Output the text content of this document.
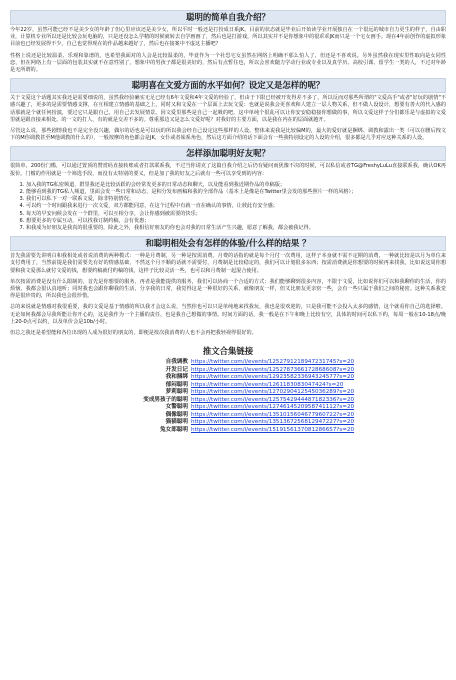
聪明的简单自我介绍？

今年22岁，虽然可能已经不是美少女的年龄了但心里应该还是美少女，所以平时一般还是打扮成日系JK。目前的状态就是毕业后开始读学业开展独自在一个很远的城市自力更生的样子，自由职业，计算机专业所以还是比较会玩电脑的，只是还没怎么学精的时候就转去自学画画了，然后也是打游戏，所以其实并不是你想象中的很乖乖JK而只是一个宅女画手。现在4年前创作的虚拟形象目前也已经发展得不少，自己也觉得现在的作品越来越好了，然后也在接案中不虚这主播吧？

性格上说还是比较温柔、乐观和靠谱的，也希望我面对的人会是比较温柔的，毕竟作为一个社恐宅女虽然在网络上明确不那么怕人了，但还是不喜欢说。另外虽然我在现实里性取向是女同性恋，但在网络上有一层面的包装其实就不在意性别了，想象中的男孩子都是很美好的，然后有点暂住也，所以会喜欢随力学动行业或专业以及真学历、高校引课、留学生一类的人，不过对年龄是无所谓的。

聪明喜在文爱方面的水平如何？设定又是怎样的呢？

关于文爱这个话题其实我还是需要细说的，虽然我经验确实无足已经有6年文爱和4年文爱的经验了，但由于下限已经被开发得差不多了，所以反而对那些所谓的"文爱高手"或者"好玩的剧情"不感兴趣了，更多的是需要情感支撑，在互相建立情感的基础之上，同时又和文爱在一个层面上去玩文爱：也就是说我会更喜欢和人建立一层人物关系，但不做人设设计，想要有善大的代入感的话那就是个就任何扮演，要过它只是跟自己，用自己去发展情景。因文爱里那些是自己一起吸的吧。这中单纯个很乱可以让你安安稳稳接你想做的事，所以文爱这样子分们都乐是与虚拟的文爱里就是跟直接来相处。的一文的打人，有的就是交差不多的。尊重那边又是怎么文爱好呢？对我好的主要方面，以是我在内在的层面就越开。

尽管这么说，那些剧情我也不是完全没兴趣，偶尔的话也是可以玩的所以我会经自己设定这些那样的人设。整体来说我是比较偏M的，最大的爱好就是捆绑、调教和露出一类（可以在腰后拽文下的M你调教甚至M他调教的什么的），一般按摩的角色都会是JK，女仆或者妹系角色，然后这方面介绍的话下面会有一些我特别设定的人设的介绍，很多都是几乎对应这种关系的人设。

怎样添加聪明好友呢？

很简单，200份门槛，可以通过置顶的赞赏码直接转账或者打款联系我，不过当你请克了这篇自我介绍之后仍有疑问而犹豫不决的时候，可以私信或者TG@FreshyLuLu直接联系我，确认OK再报价。门槛的作用就是一个筛选手段，而没有太特别的要义，但是加了我的好友之后就有一些可以享受到的内容：

1. 加入我的TG私密频道，群里我还是比较活跃的会经常发更多的日常动态和聊天，以及能看到我近期作品的草稿版；
2. 能够看到我的TG私人频道，里面会发一些日常和动态，是积分发布画稿和我的全部作品（基本上是像是在Twitter里会发的那些照片一样的风格）；
3. 我们可以私下一对一联系文爱，除非特别情况；
4. 可以约一个时间跟我来进行一次文爱，双方都能同意，在这个过程中有就一直在确认的事情，让彼此有安全感；
5. 每天的早安问候会发在一个群里，可以互相分享，会让你感到被需要的快乐；
6. 想要更多的专属互动，可以找我订制约稿，会有优惠；
7. 和我成为好朋友是我真的很重要的，除此之外，我相信好朋友的你也会对我的日常生活产生兴趣，愿意了解我，都会被我记得。
和聪明相处会有怎样的体验/什么样的结果 ？

首先我需要先讲明白和我相处或者说消费的两种模式：一种是月费制，另一种是按需消费。月费的话指的就是每个月付一次费用，这样子本身就不需不定期的消费，一种就比较是以月为单位来支付费用了，当然前提是我们需要先有好的情感基础，不然这个月不顺的话就不需要付，月费制是比较稳定的，我们可以计划很多东西；按需消费就是你想要的时候再来找我，比如说这周你想要和我文爱那么就付文爱的钱，想要约稿就付约稿的钱，这样子比较灵活一些，也可以和月费制一起混合使用。

单次按需消费是没有什么限制的，首先是你想要的服务，再者是我能提供的服务，我们可以协商一个合适的方式；我们能够聊到很多内容，不限于文爱，比如说你们可以和我聊你的生活，你的烦恼，我都会很认真地听；同时我也会跟你聊我的生活，分享我的日常，我觉得这是一种很好的关系，就像朋友一样，但又比朋友更亲密一些，会有一些只属于我们之间的秘密。这种关系我觉得是很珍贵的，所以我也会很珍惜。

总的来说就是情感对我很重要，我的文爱是基于情感的所以我才会这么说，当然你也可以只是单纯地来找我玩，我也是很欢迎的，只是我可能不会投入太多的感情，这个就看你自己的选择啦。无论如何我都会尽我所能让你开心的，这是我作为一个主播的责任，也是我自己想做的事情。时间方面的话，我一般是在下午和晚上比较有空，具体的时间可以私下约，每周一般在10-18点/晚上20-0点可以约，以及单价会是10b/小时。

但总之我还是希望能和各位出现的人成为很好的朋友的，即便是按次我消费的人也不会再把我轻视得很好的。

推文合集链接
自我调教 https://twitter.com/i/events/1252791218947231745?s=20
开发日记 https://twitter.com/i/events/1252787366172868608?s=20
我和捆绑 https://twitter.com/i/events/1292358233694324577?s=20
郁闷聪明 https://twitter.com/i/events/1261183083047424?s=20
萝莉聪明 https://twitter.com/i/events/1270290412545036289?s=20
变成男孩子的聪明 https://twitter.com/i/events/1257542944487182336?s=20
女警聪明 https://twitter.com/i/events/1274614520958741112?s=20
偶像聪明 https://twitter.com/i/events/1351015604677960722?s=20
猫猫聪明 https://twitter.com/i/events/1351367256812947227?s=20
兔女郎聪明 https://twitter.com/i/events/1519156137081286657?s=20
